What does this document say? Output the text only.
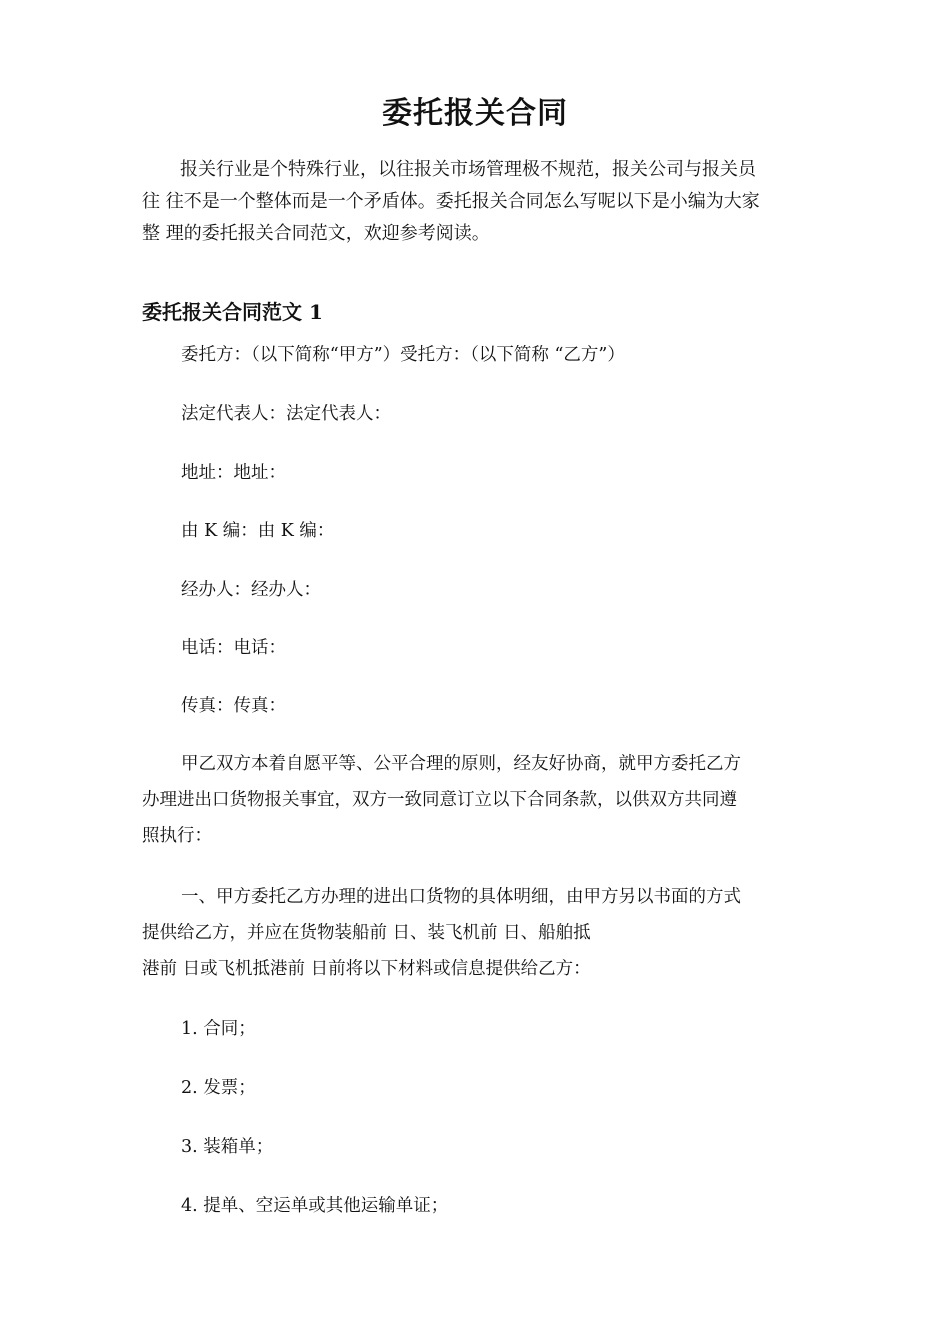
委托报关合同
报关行业是个特殊行业，以往报关市场管理极不规范，报关公司与报关员
往 往不是一个整体而是一个矛盾体。委托报关合同怎么写呢以下是小编为大家
整 理的委托报关合同范文，欢迎参考阅读。
委托报关合同范文 1

委托方：（以下简称“甲方”）受托方：（以下简称 “乙方”）

法定代表人：法定代表人：

地址：地址：

由 K 编：由 K 编：

经办人：经办人：

电话：电话：

传真：传真：

甲乙双方本着自愿平等、公平合理的原则，经友好协商，就甲方委托乙方
办理进出口货物报关事宜，双方一致同意订立以下合同条款，以供双方共同遵
照执行：
一、甲方委托乙方办理的进出口货物的具体明细，由甲方另以书面的方式
提供给乙方，并应在货物装船前 日、装飞机前 日、船舶抵
港前 日或飞机抵港前 日前将以下材料或信息提供给乙方：

1. 合同；

2. 发票；

3. 装箱单；

4. 提单、空运单或其他运输单证；
